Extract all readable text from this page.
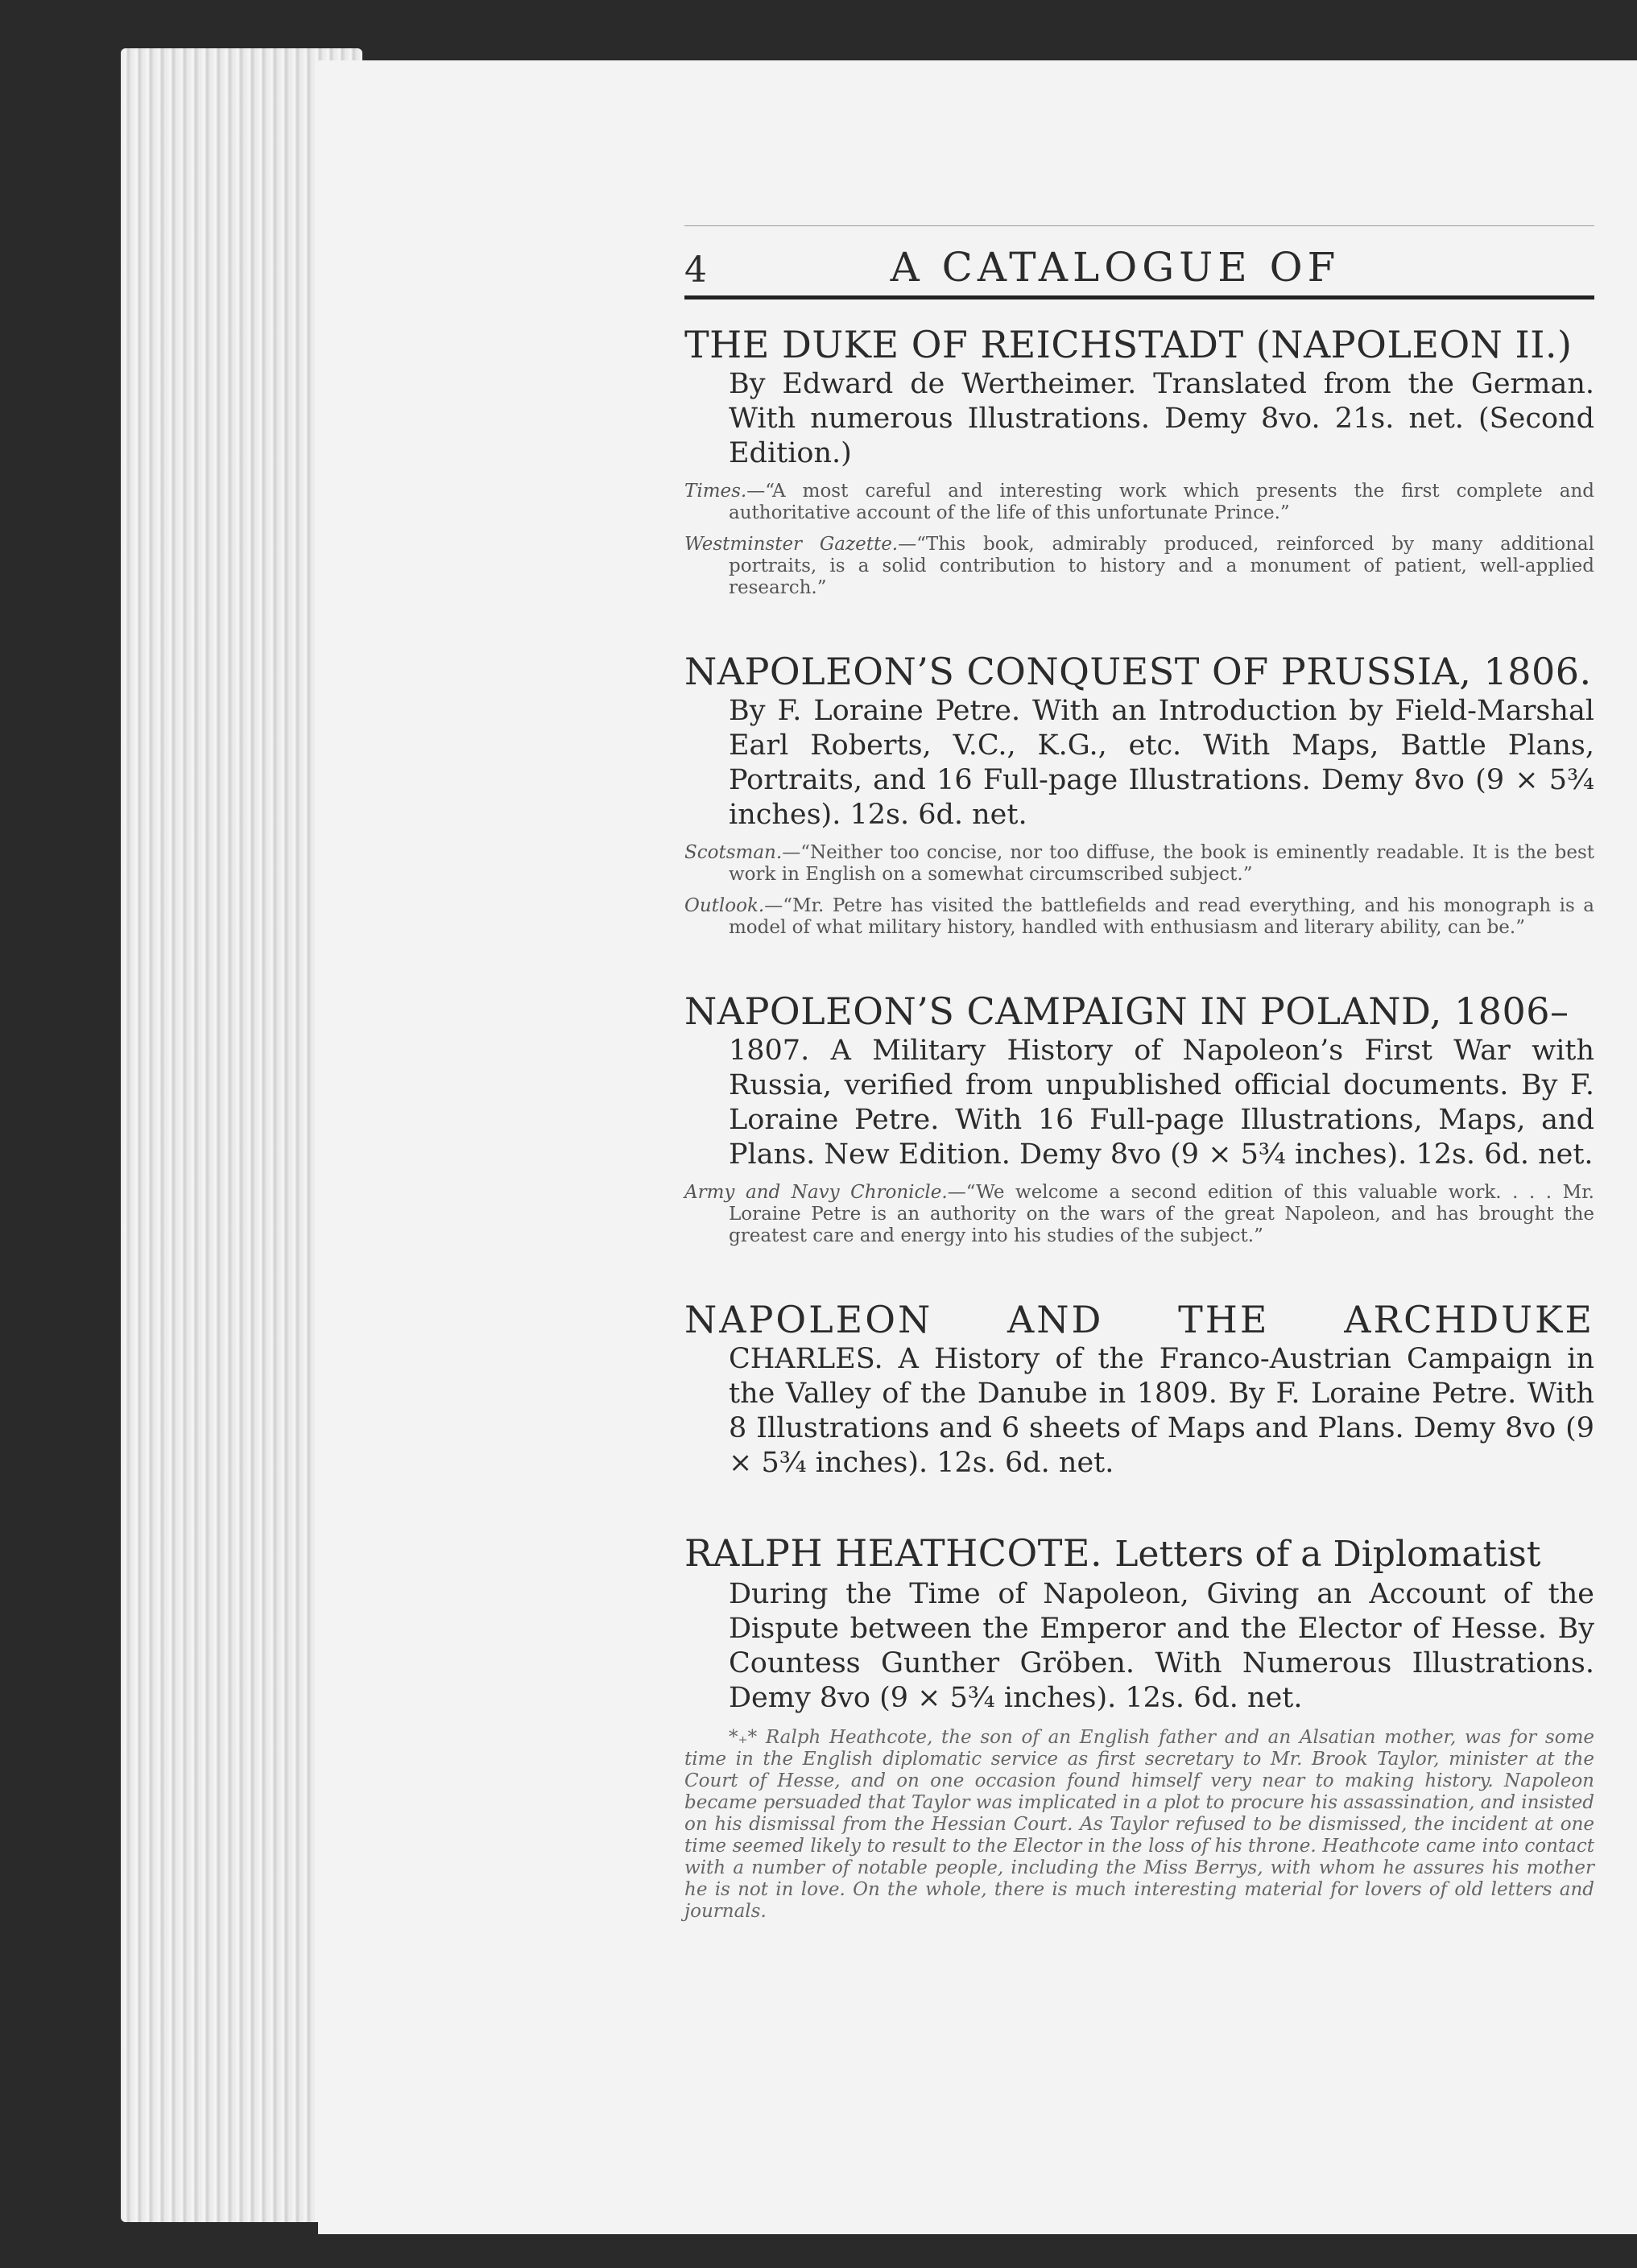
4	A CATALOGUE OF
THE DUKE OF REICHSTADT (NAPOLEON II.)
By Edward de Wertheimer. Translated from the German. With numerous Illustrations. Demy 8vo. 21s. net. (Second Edition.)
Times.—“A most careful and interesting work which presents the first complete and authoritative account of the life of this unfortunate Prince.”
Westminster Gazette.—“This book, admirably produced, reinforced by many additional portraits, is a solid contribution to history and a monument of patient, well-applied research.”
NAPOLEON’S CONQUEST OF PRUSSIA, 1806.
By F. Loraine Petre. With an Introduction by Field-Marshal Earl Roberts, V.C., K.G., etc. With Maps, Battle Plans, Portraits, and 16 Full-page Illustrations. Demy 8vo (9 × 5¾ inches). 12s. 6d. net.
Scotsman.—“Neither too concise, nor too diffuse, the book is eminently readable. It is the best work in English on a somewhat circumscribed subject.”
Outlook.—“Mr. Petre has visited the battlefields and read everything, and his monograph is a model of what military history, handled with enthusiasm and literary ability, can be.”
NAPOLEON’S CAMPAIGN IN POLAND, 1806–
1807. A Military History of Napoleon’s First War with Russia, verified from unpublished official documents. By F. Loraine Petre. With 16 Full-page Illustrations, Maps, and Plans. New Edition. Demy 8vo (9 × 5¾ inches). 12s. 6d. net.
Army and Navy Chronicle.—“We welcome a second edition of this valuable work. . . . Mr. Loraine Petre is an authority on the wars of the great Napoleon, and has brought the greatest care and energy into his studies of the subject.”
NAPOLEON AND THE ARCHDUKE
CHARLES. A History of the Franco-Austrian Campaign in the Valley of the Danube in 1809. By F. Loraine Petre. With 8 Illustrations and 6 sheets of Maps and Plans. Demy 8vo (9 × 5¾ inches). 12s. 6d. net.
RALPH HEATHCOTE. Letters of a Diplomatist
During the Time of Napoleon, Giving an Account of the Dispute between the Emperor and the Elector of Hesse. By Countess Gunther Gröben. With Numerous Illustrations. Demy 8vo (9 × 5¾ inches). 12s. 6d. net.
*₊* Ralph Heathcote, the son of an English father and an Alsatian mother, was for some time in the English diplomatic service as first secretary to Mr. Brook Taylor, minister at the Court of Hesse, and on one occasion found himself very near to making history. Napoleon became persuaded that Taylor was implicated in a plot to procure his assassination, and insisted on his dismissal from the Hessian Court. As Taylor refused to be dismissed, the incident at one time seemed likely to result to the Elector in the loss of his throne. Heathcote came into contact with a number of notable people, including the Miss Berrys, with whom he assures his mother he is not in love. On the whole, there is much interesting material for lovers of old letters and journals.
